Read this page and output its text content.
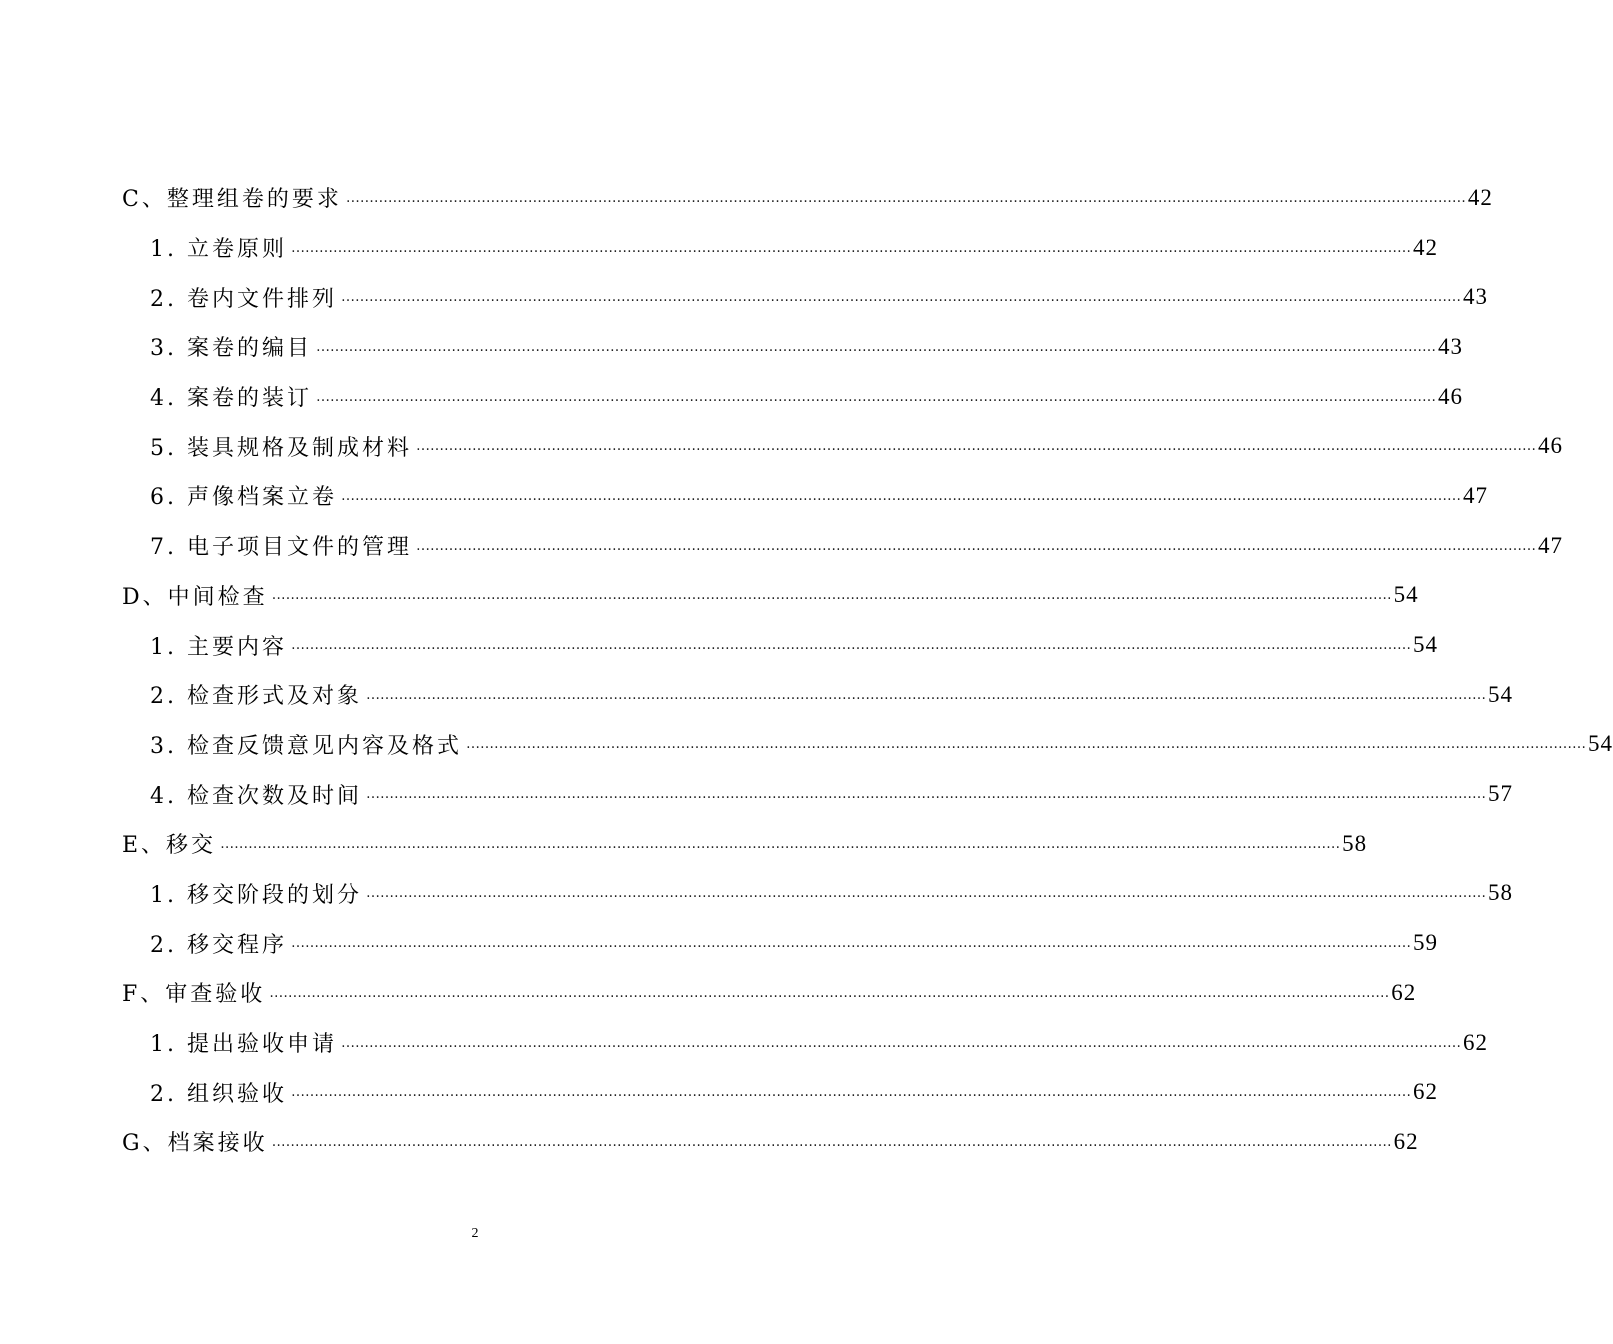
C、整理组卷的要求 …………………………………………………………………………………………………………………………………………………………………………………………………………………… 42
1. 立卷原则 …………………………………………………………………………………………………………………………………………………………………………………………………………………… 42
2. 卷内文件排列 …………………………………………………………………………………………………………………………………………………………………………………………………………………… 43
3. 案卷的编目 …………………………………………………………………………………………………………………………………………………………………………………………………………………… 43
4. 案卷的装订 …………………………………………………………………………………………………………………………………………………………………………………………………………………… 46
5. 装具规格及制成材料 …………………………………………………………………………………………………………………………………………………………………………………………………………………… 46
6. 声像档案立卷 …………………………………………………………………………………………………………………………………………………………………………………………………………………… 47
7. 电子项目文件的管理 …………………………………………………………………………………………………………………………………………………………………………………………………………………… 47
D、中间检查 …………………………………………………………………………………………………………………………………………………………………………………………………………………… 54
1. 主要内容 …………………………………………………………………………………………………………………………………………………………………………………………………………………… 54
2. 检查形式及对象 …………………………………………………………………………………………………………………………………………………………………………………………………………………… 54
3. 检查反馈意见内容及格式 …………………………………………………………………………………………………………………………………………………………………………………………………………………… 54
4. 检查次数及时间 …………………………………………………………………………………………………………………………………………………………………………………………………………………… 57
E、移交 …………………………………………………………………………………………………………………………………………………………………………………………………………………… 58
1. 移交阶段的划分 …………………………………………………………………………………………………………………………………………………………………………………………………………………… 58
2. 移交程序 …………………………………………………………………………………………………………………………………………………………………………………………………………………… 59
F、审查验收 …………………………………………………………………………………………………………………………………………………………………………………………………………………… 62
1. 提出验收申请 …………………………………………………………………………………………………………………………………………………………………………………………………………………… 62
2. 组织验收 …………………………………………………………………………………………………………………………………………………………………………………………………………………… 62
G、档案接收 …………………………………………………………………………………………………………………………………………………………………………………………………………………… 62
2
